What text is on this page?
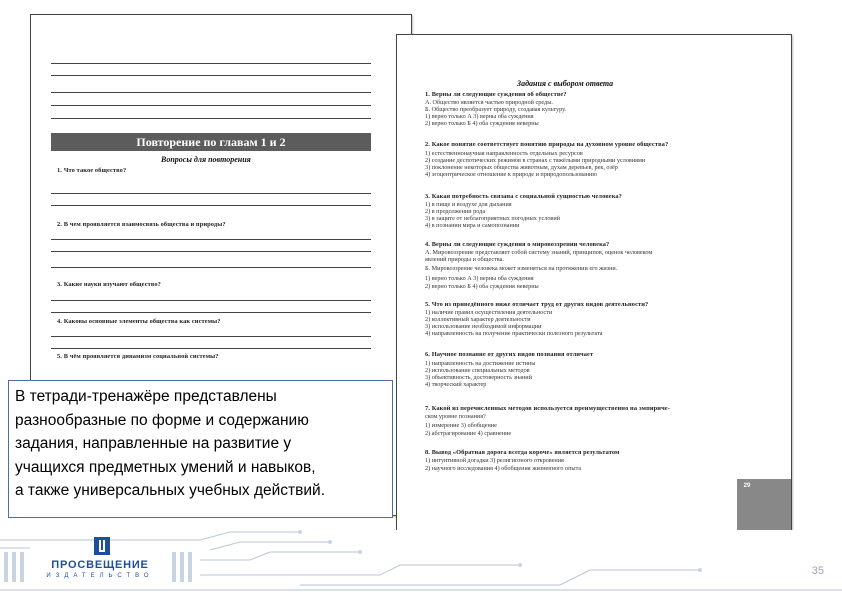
Повторение по главам 1 и 2
Вопросы для повторения
1. Что такое общество?
2. В чем проявляется взаимосвязь общества и природы?
3. Какие науки изучают общество?
4. Каковы основные элементы общества как системы?
5. В чём проявляется динамизм социальной системы?
Задания с выбором ответа
1. Верны ли следующие суждения об обществе?
А. Общество является частью природной среды.
Б. Общество преобразует природу, создавая культуру.
1) верно только А 3) верны оба суждения
2) верно только Б 4) оба суждения неверны
2. Какое понятие соответствует понятию природы на духовном уровне общества?
1) естественнонаучная направленность отдельных ресурсов
2) создание деспотических режимов в странах с тяжёлыми природными условиями
3) поклонение некоторых общества животным, духам деревьев, рек, озёр
4) эгоцентрическое отношение к природе и природопользованию
3. Какая потребность связана с социальной сущностью человека?
1) в пище и воздухе для дыхания
2) в продолжении рода
3) в защите от неблагоприятных погодных условий
4) в познании мира и самопознании
4. Верны ли следующие суждения о мировоззрении человека?
А. Мировоззрение представляет собой систему знаний, принципов, оценок человеком
явлений природы и общества.
Б. Мировоззрение человека может изменяться на протяжении его жизни.
1) верно только А 3) верны оба суждения
2) верно только Б 4) оба суждения неверны
5. Что из приведённого ниже отличает труд от других видов деятельности?
1) наличие правил осуществления деятельности
2) коллективный характер деятельности
3) использование необходимой информации
4) направленность на получение практически полезного результата
6. Научное познание от других видов познания отличает
1) направленность на достижение истины
2) использование специальных методов
3) объективность, достоверность знаний
4) творческий характер
7. Какой из перечисленных методов используется преимущественно на эмпириче-
ском уровне познания?
1) измерение 3) обобщение
2) абстрагирование 4) сравнение
8. Вывод «Обратная дорога всегда короче» является результатом
1) интуитивной догадки 3) религиозного откровения
2) научного исследования 4) обобщения жизненного опыта
29

В тетради-тренажёре представлены
разнообразные по форме и содержанию
задания, направленные на развитие у
учащихся предметных умений и навыков,
а также универсальных учебных действий.

ПРОСВЕЩЕНИЕ
ИЗДАТЕЛЬСТВО	35
